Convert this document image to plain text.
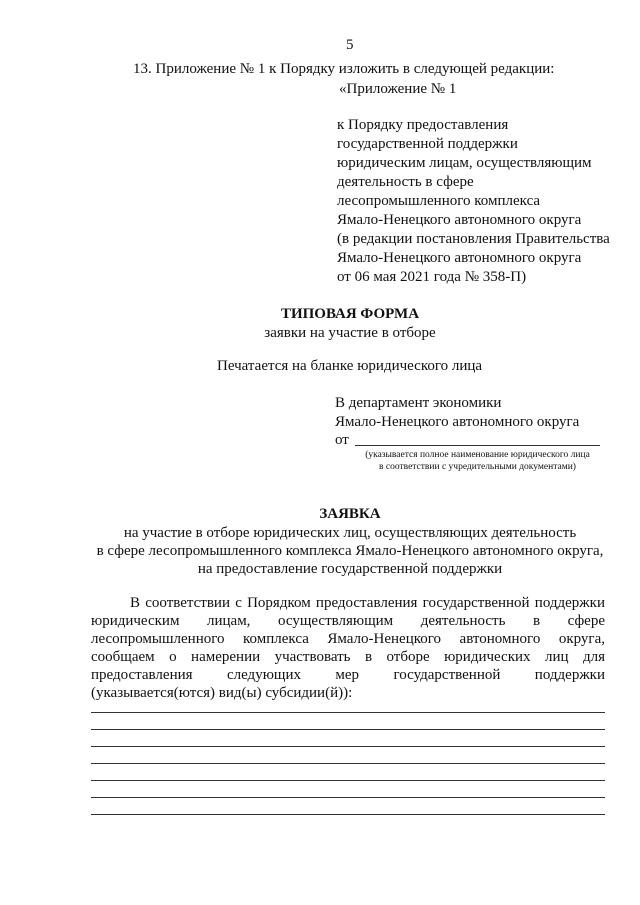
5
13. Приложение № 1 к Порядку изложить в следующей редакции:
«Приложение № 1
к Порядку предоставления
государственной поддержки
юридическим лицам, осуществляющим
деятельность в сфере
лесопромышленного комплекса
Ямало-Ненецкого автономного округа
(в редакции постановления Правительства
Ямало-Ненецкого автономного округа
от 06 мая 2021 года № 358-П)
ТИПОВАЯ ФОРМА
заявки на участие в отборе
Печатается на бланке юридического лица
В департамент экономики
Ямало-Ненецкого автономного округа
от
(указывается полное наименование юридического лица
в соответствии с учредительными документами)
ЗАЯВКА
на участие в отборе юридических лиц, осуществляющих деятельность
в сфере лесопромышленного комплекса Ямало-Ненецкого автономного округа,
на предоставление государственной поддержки
В соответствии с Порядком предоставления государственной поддержки
юридическим лицам, осуществляющим деятельность в сфере
лесопромышленного комплекса Ямало-Ненецкого автономного округа,
сообщаем о намерении участвовать в отборе юридических лиц для
предоставления следующих мер государственной поддержки
(указывается(ются) вид(ы) субсидии(й)):
